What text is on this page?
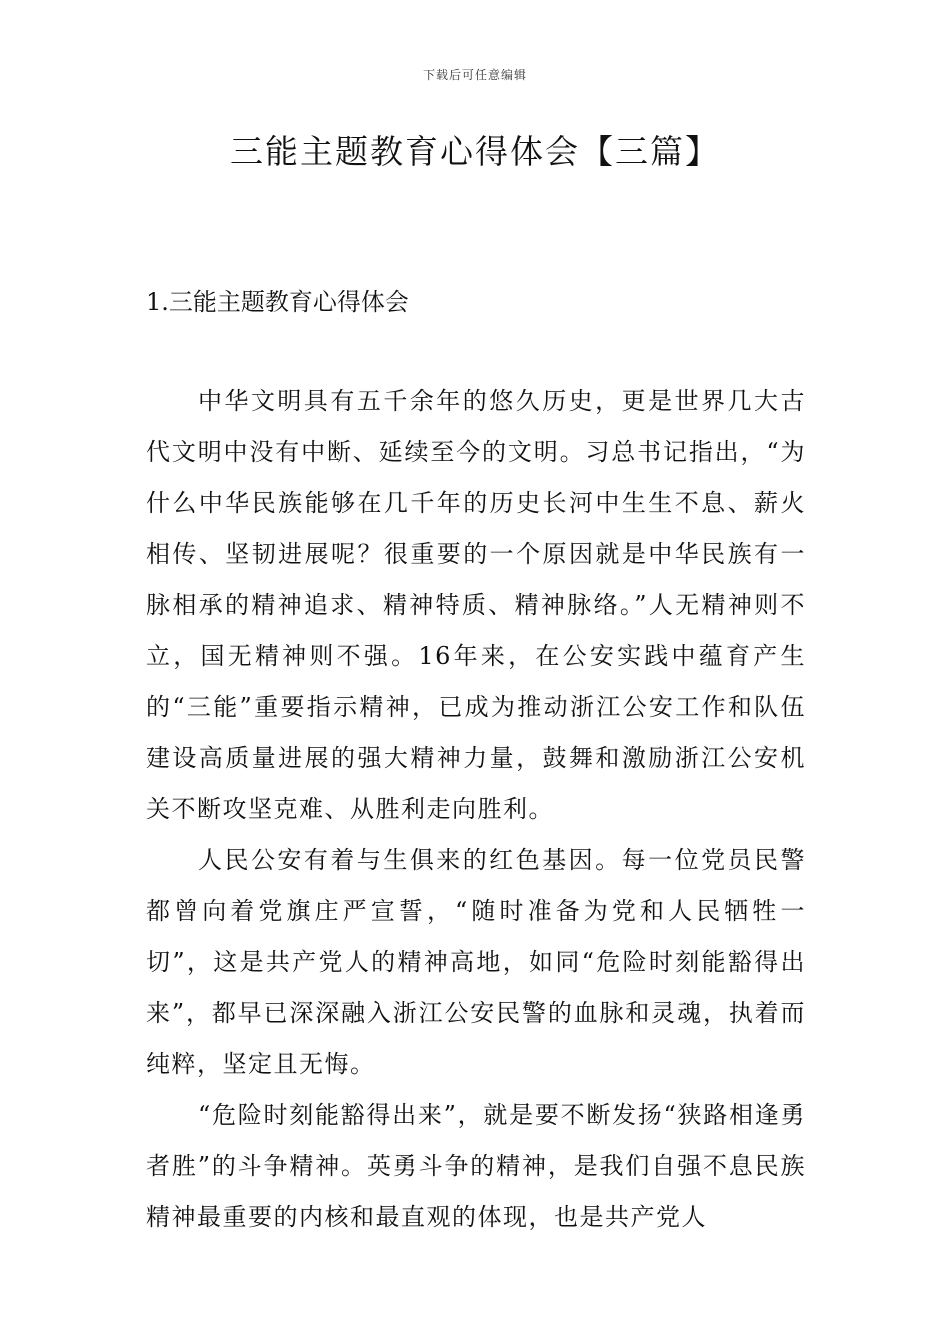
下载后可任意编辑
三能主题教育心得体会【三篇】
1.三能主题教育心得体会

中华文明具有五千余年的悠久历史，更是世界几大古代文明中没有中断、延续至今的文明。习总书记指出，“为什么中华民族能够在几千年的历史长河中生生不息、薪火相传、坚韧进展呢？很重要的一个原因就是中华民族有一脉相承的精神追求、精神特质、精神脉络。”人无精神则不立，国无精神则不强。16年来，在公安实践中蕴育产生的“三能”重要指示精神，已成为推动浙江公安工作和队伍建设高质量进展的强大精神力量，鼓舞和激励浙江公安机关不断攻坚克难、从胜利走向胜利。

人民公安有着与生俱来的红色基因。每一位党员民警都曾向着党旗庄严宣誓，“随时准备为党和人民牺牲一切”，这是共产党人的精神高地，如同“危险时刻能豁得出来”，都早已深深融入浙江公安民警的血脉和灵魂，执着而纯粹，坚定且无悔。

“危险时刻能豁得出来”，就是要不断发扬“狭路相逢勇者胜”的斗争精神。英勇斗争的精神，是我们自强不息民族精神最重要的内核和最直观的体现，也是共产党人
